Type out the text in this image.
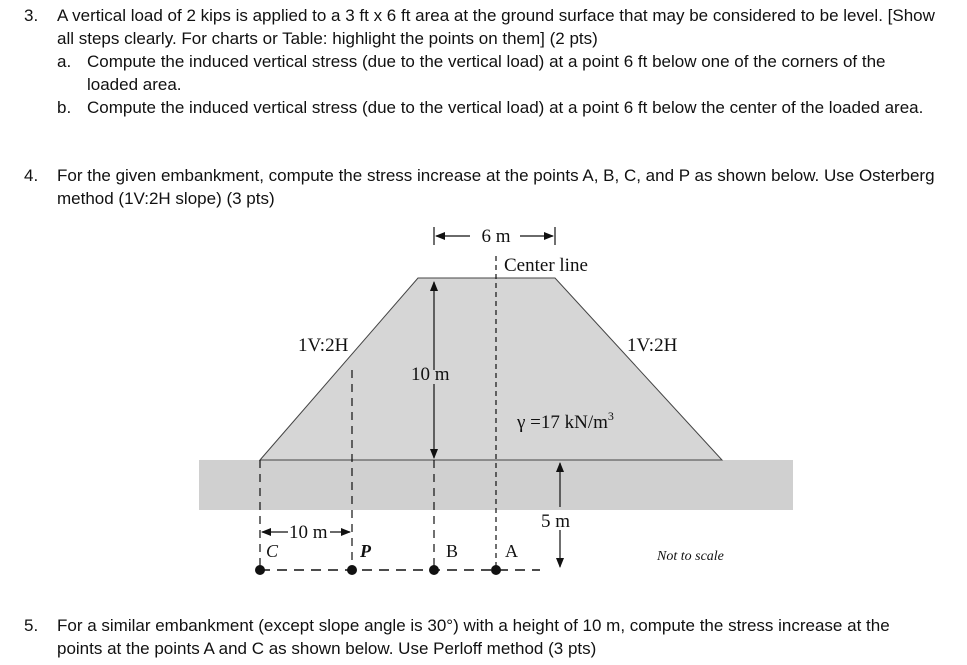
3. A vertical load of 2 kips is applied to a 3 ft x 6 ft area at the ground surface that may be considered to be level. [Show all steps clearly. For charts or Table: highlight the points on them] (2 pts)
a. Compute the induced vertical stress (due to the vertical load) at a point 6 ft below one of the corners of the loaded area.
b. Compute the induced vertical stress (due to the vertical load) at a point 6 ft below the center of the loaded area.
4. For the given embankment, compute the stress increase at the points A, B, C, and P as shown below. Use Osterberg method (1V:2H slope) (3 pts)
6 m
Center line
1V:2H	1V:2H
10 m
γ =17 $kN/m^3$
5 m
10 m
C	P	B	A	Not to scale
5. For a similar embankment (except slope angle is 30°) with a height of 10 m, compute the stress increase at the points at the points A and C as shown below. Use Perloff method (3 pts)
